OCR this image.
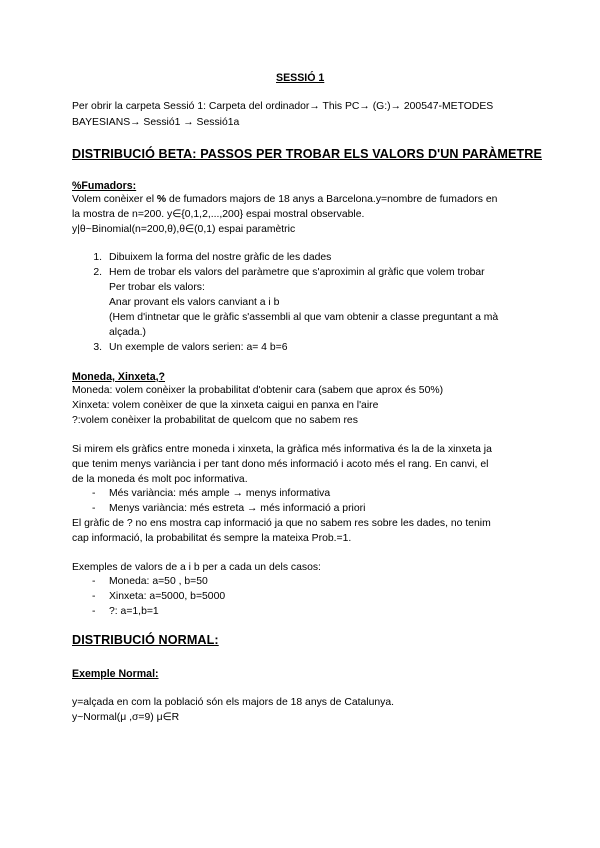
SESSIÓ 1

Per obrir la carpeta Sessió 1: Carpeta del ordinador→ This PC→ (G:)→ 200547-METODES

BAYESIANS→ Sessió1 → Sessió1a

DISTRIBUCIÓ BETA: PASSOS PER TROBAR ELS VALORS D'UN PARÀMETRE

%Fumadors:

Volem conèixer el % de fumadors majors de 18 anys a Barcelona.y=nombre de fumadors en

la mostra de n=200. y∈{0,1,2,...,200} espai mostral observable.

y|θ~Binomial(n=200,θ),θ∈(0,1) espai paramètric

1. Dibuixem la forma del nostre gràfic de les dades
2. Hem de trobar els valors del paràmetre que s'aproximin al gràfic que volem trobar
Per trobar els valors:
Anar provant els valors canviant a i b
(Hem d'intnetar que le gràfic s'assembli al que vam obtenir a classe preguntant a mà
alçada.)
3. Un exemple de valors serien: a= 4 b=6

Moneda, Xinxeta,?

Moneda: volem conèixer la probabilitat d'obtenir cara (sabem que aprox és 50%)

Xinxeta: volem conèixer de que la xinxeta caigui en panxa en l'aire

?:volem conèixer la probabilitat de quelcom que no sabem res

Si mirem els gràfics entre moneda i xinxeta, la gràfica més informativa és la de la xinxeta ja

que tenim menys variància i per tant dono més informació i acoto més el rang. En canvi, el

de la moneda és molt poc informativa.

- Més variància: més ample → menys informativa
- Menys variància: més estreta → més informació a priori

El gràfic de ? no ens mostra cap informació ja que no sabem res sobre les dades, no tenim

cap informació, la probabilitat és sempre la mateixa Prob.=1.

Exemples de valors de a i b per a cada un dels casos:

- Moneda: a=50 , b=50
- Xinxeta: a=5000, b=5000
- ?: a=1,b=1

DISTRIBUCIÓ NORMAL:

Exemple Normal:

y=alçada en com la població són els majors de 18 anys de Catalunya.

y~Normal(μ ,σ=9) μ∈R
